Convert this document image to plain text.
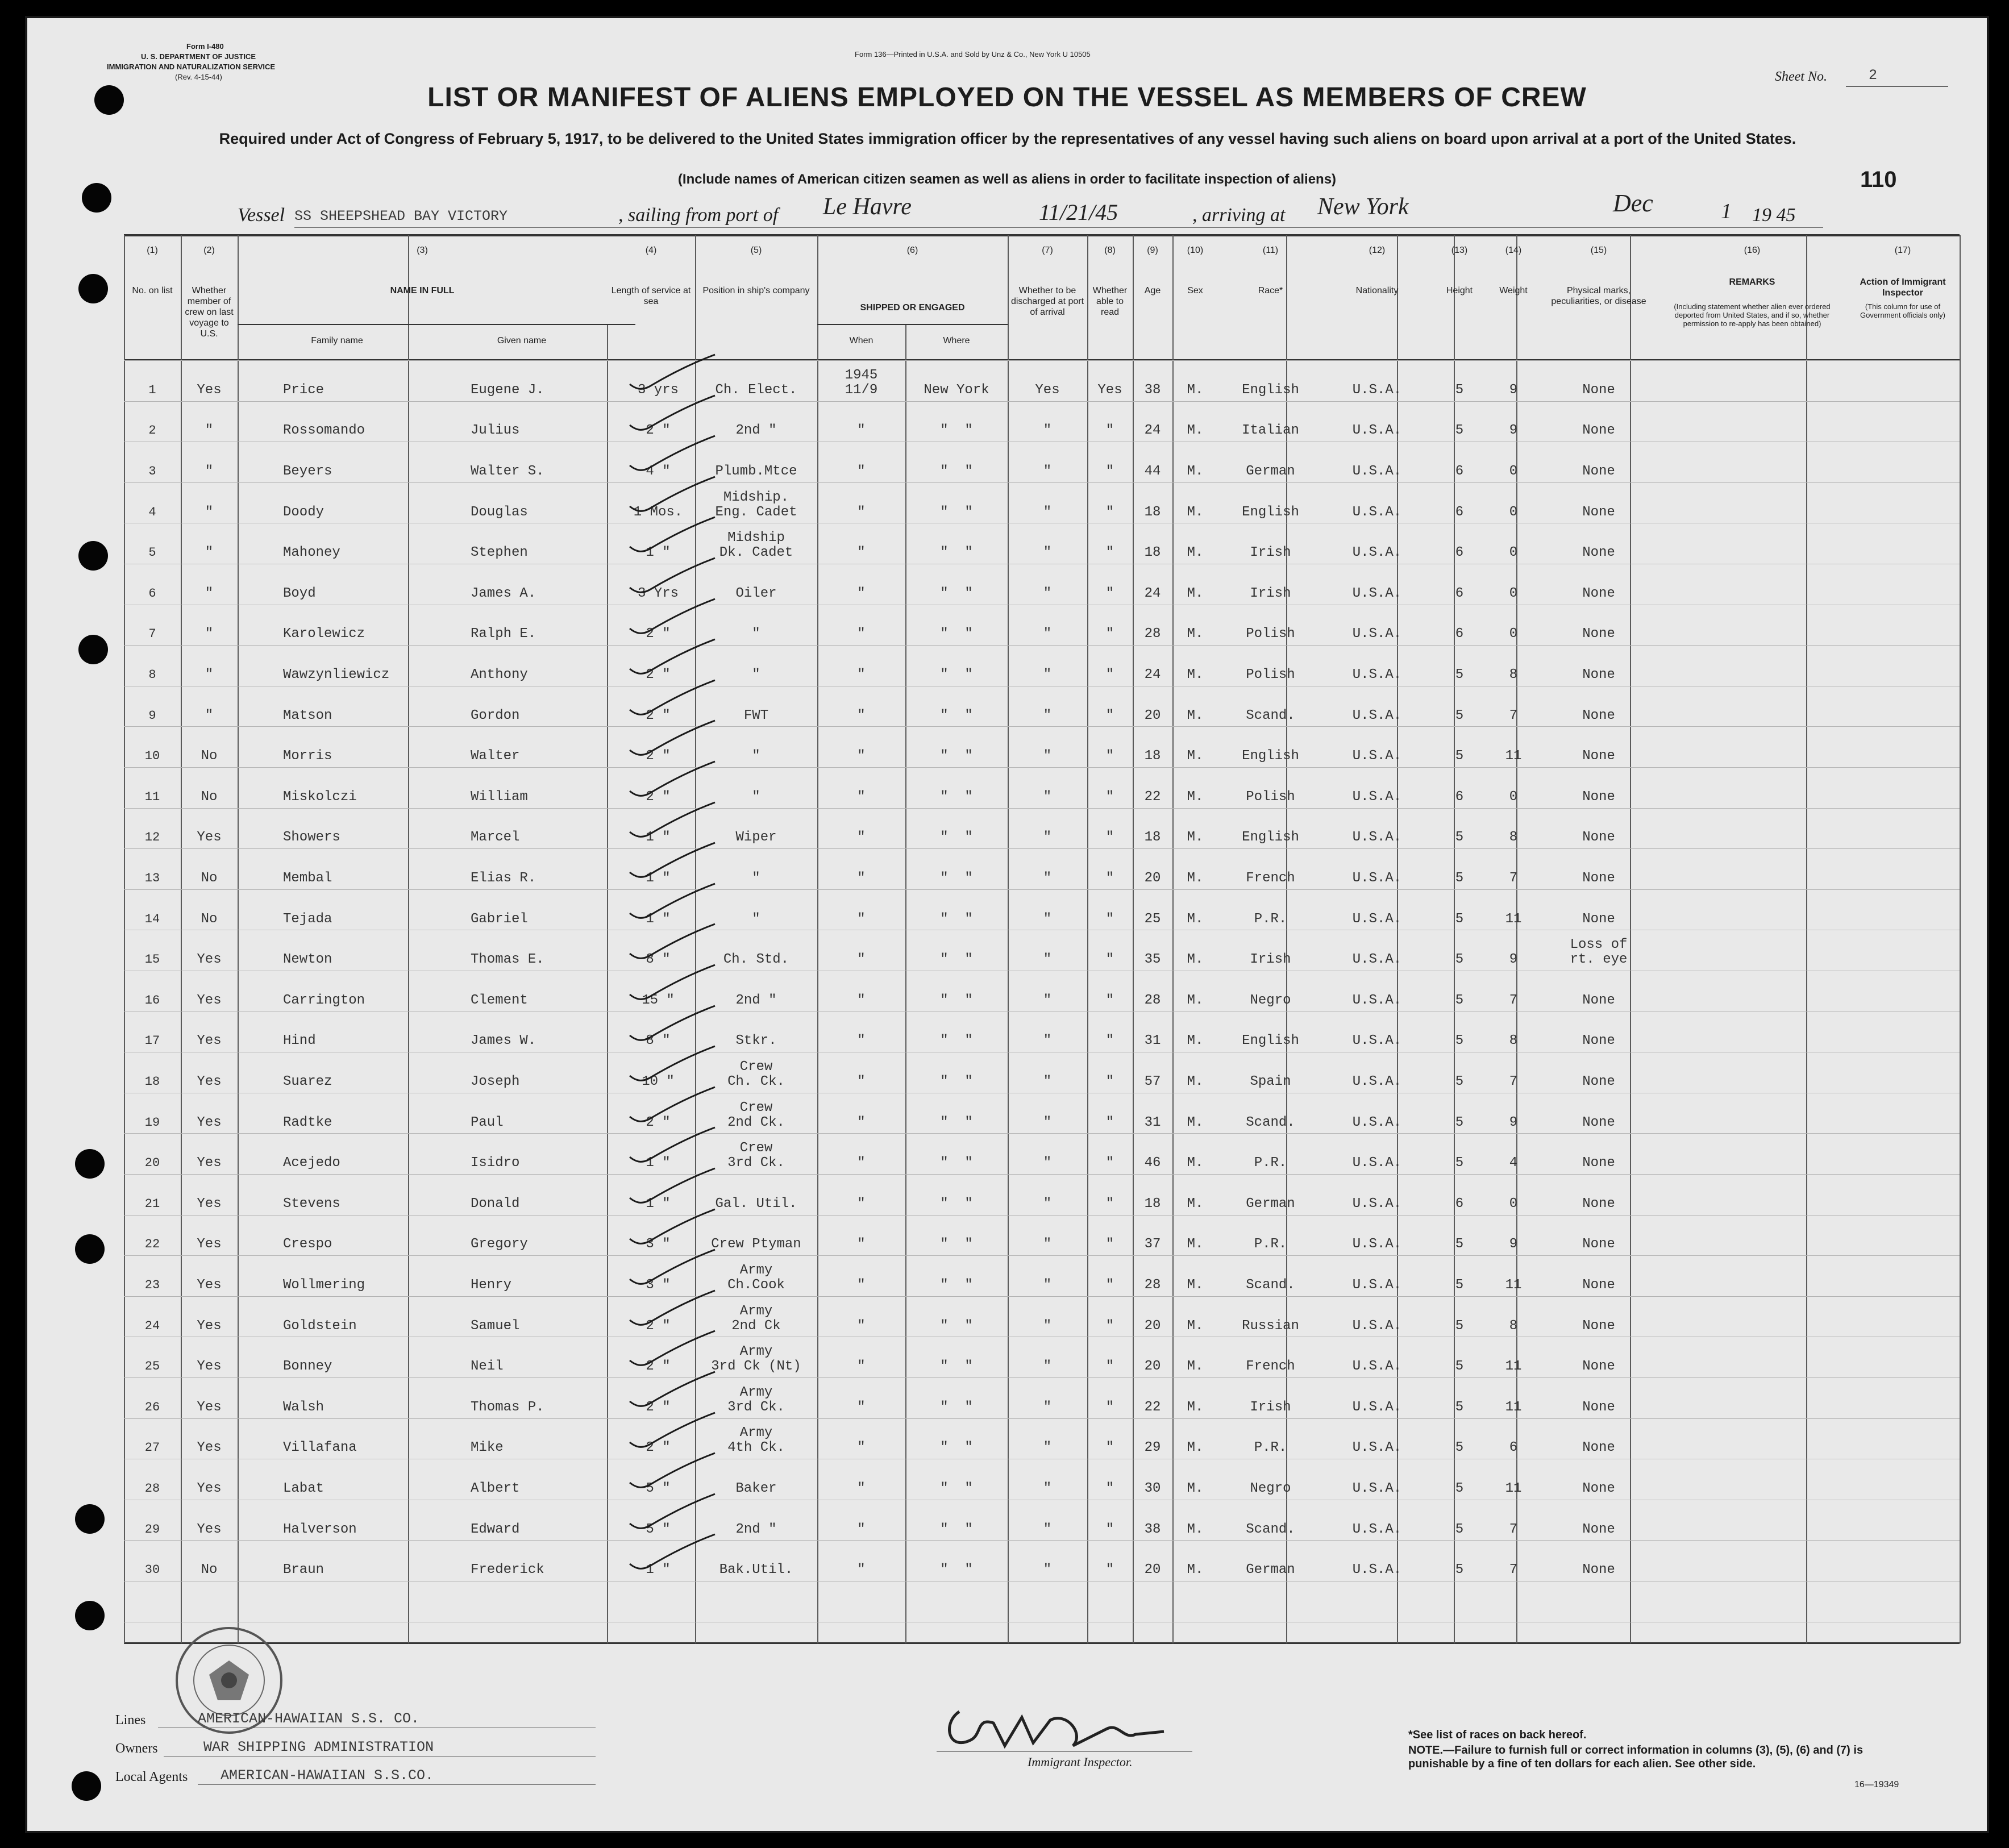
Form I-480
U. S. DEPARTMENT OF JUSTICE
IMMIGRATION AND NATURALIZATION SERVICE
(Rev. 4-15-44)
Form 136—Printed in U.S.A. and Sold by Unz & Co., New York U 10505
Sheet No.	2
LIST OR MANIFEST OF ALIENS EMPLOYED ON THE VESSEL AS MEMBERS OF CREW
Required under Act of Congress of February 5, 1917, to be delivered to the United States immigration officer by the representatives of any vessel having such aliens on board upon arrival at a port of the United States.
(Include names of American citizen seamen as well as aliens in order to facilitate inspection of aliens)	110
Vessel SS SHEEPSHEAD BAY VICTORY	, sailing from port of Le Havre	11/21/45	, arriving at New York	Dec	1 19 45
(1)
No. on list
(2)
Whether member of crew on last voyage to U.S.
(3)
NAME IN FULL
Family name	Given name
(4)
Length of service at sea
(5)
Position in ship's company
(6)
SHIPPED OR ENGAGED
When	Where
(7)
Whether to be discharged at port of arrival
(8)
Whether able to read
(9)
Age
(10)
Sex
(11)
Race*
(12)
Nationality
(13)
Height
(14)
Weight
(15)
Physical marks, peculiarities, or disease
(16)
REMARKS
(Including statement whether alien ever ordered deported from United States, and if so, whether permission to re-apply has been obtained)
(17)
Action of Immigrant Inspector
(This column for use of Government officials only)
1	Yes	Price	Eugene J.	3 yrs	Ch. Elect.
1945
11/9	New York	Yes	Yes	38	M.	English	U.S.A.	5	9	None
2	"	Rossomando	Julius	2 "	2nd "	"	"  "	"	"	24	M.	Italian	U.S.A.	5	9	None
3	"	Beyers	Walter S.	4 "	Plumb.Mtce	"	"  "	"	"	44	M.	German	U.S.A.	6	0	None
4	"	Doody	Douglas	1 Mos.
Midship.
Eng. Cadet	"	"  "	"	"	18	M.	English	U.S.A.	6	0	None
5	"	Mahoney	Stephen	1 "
Midship
Dk. Cadet	"	"  "	"	"	18	M.	Irish	U.S.A.	6	0	None
6	"	Boyd	James A.	3 Yrs	Oiler	"	"  "	"	"	24	M.	Irish	U.S.A.	6	0	None
7	"	Karolewicz	Ralph E.	2 "	"	"	"  "	"	"	28	M.	Polish	U.S.A.	6	0	None
8	"	Wawzynliewicz	Anthony	2 "	"	"	"  "	"	"	24	M.	Polish	U.S.A.	5	8	None
9	"	Matson	Gordon	2 "	FWT	"	"  "	"	"	20	M.	Scand.	U.S.A.	5	7	None
10	No	Morris	Walter	2 "	"	"	"  "	"	"	18	M.	English	U.S.A.	5	11	None
11	No	Miskolczi	William	2 "	"	"	"  "	"	"	22	M.	Polish	U.S.A.	6	0	None
12	Yes	Showers	Marcel	1 "	Wiper	"	"  "	"	"	18	M.	English	U.S.A.	5	8	None
13	No	Membal	Elias R.	1 "	"	"	"  "	"	"	20	M.	French	U.S.A.	5	7	None
14	No	Tejada	Gabriel	1 "	"	"	"  "	"	"	25	M.	P.R.	U.S.A.	5	11	None
15	Yes	Newton	Thomas E.	8 "	Ch. Std.	"	"  "	"	"	35	M.	Irish	U.S.A.	5	9
Loss of
rt. eye
16	Yes	Carrington	Clement	15 "	2nd "	"	"  "	"	"	28	M.	Negro	U.S.A.	5	7	None
17	Yes	Hind	James W.	8 "	Stkr.	"	"  "	"	"	31	M.	English	U.S.A.	5	8	None
18	Yes	Suarez	Joseph	10 "
Crew
Ch. Ck.	"	"  "	"	"	57	M.	Spain	U.S.A.	5	7	None
19	Yes	Radtke	Paul	2 "
Crew
2nd Ck.	"	"  "	"	"	31	M.	Scand.	U.S.A.	5	9	None
20	Yes	Acejedo	Isidro	1 "
Crew
3rd Ck.	"	"  "	"	"	46	M.	P.R.	U.S.A.	5	4	None
21	Yes	Stevens	Donald	1 "	Gal. Util.	"	"  "	"	"	18	M.	German	U.S.A.	6	0	None
22	Yes	Crespo	Gregory	3 "	Crew Ptyman	"	"  "	"	"	37	M.	P.R.	U.S.A.	5	9	None
23	Yes	Wollmering	Henry	3 "
Army
Ch.Cook	"	"  "	"	"	28	M.	Scand.	U.S.A.	5	11	None
24	Yes	Goldstein	Samuel	2 "
Army
2nd Ck	"	"  "	"	"	20	M.	Russian	U.S.A.	5	8	None
25	Yes	Bonney	Neil	2 "
Army
3rd Ck (Nt)	"	"  "	"	"	20	M.	French	U.S.A.	5	11	None
26	Yes	Walsh	Thomas P.	2 "
Army
3rd Ck.	"	"  "	"	"	22	M.	Irish	U.S.A.	5	11	None
27	Yes	Villafana	Mike	2 "
Army
4th Ck.	"	"  "	"	"	29	M.	P.R.	U.S.A.	5	6	None
28	Yes	Labat	Albert	5 "	Baker	"	"  "	"	"	30	M.	Negro	U.S.A.	5	11	None
29	Yes	Halverson	Edward	5 "	2nd "	"	"  "	"	"	38	M.	Scand.	U.S.A.	5	7	None
30	No	Braun	Frederick	1 "	Bak.Util.	"	"  "	"	"	20	M.	German	U.S.A.	5	7	None
Lines	AMERICAN-HAWAIIAN S.S. CO.
Owners	WAR SHIPPING ADMINISTRATION
Local Agents AMERICAN-HAWAIIAN S.S.CO.
Immigrant Inspector.
*See list of races on back hereof.
NOTE.—Failure to furnish full or correct information in columns (3), (5), (6) and (7) is punishable by a fine of ten dollars for each alien. See other side.
16—19349
